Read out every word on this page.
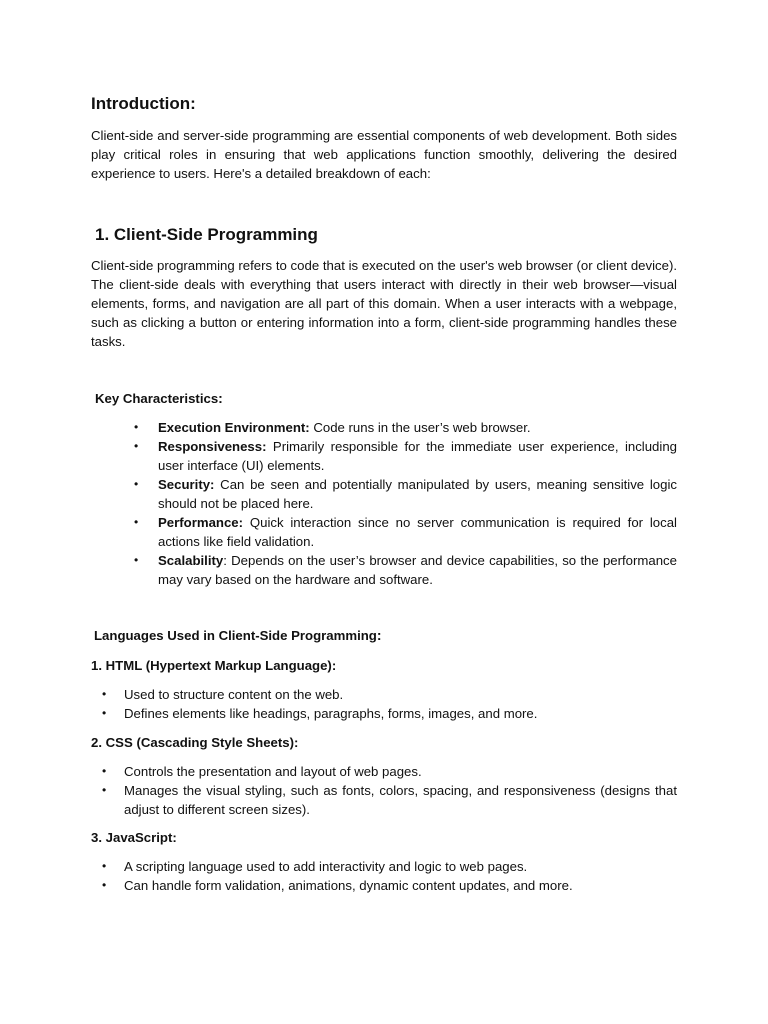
Introduction:

Client-side and server-side programming are essential components of web development. Both sides play critical roles in ensuring that web applications function smoothly, delivering the desired experience to users. Here's a detailed breakdown of each:

1. Client-Side Programming

Client-side programming refers to code that is executed on the user's web browser (or client device). The client-side deals with everything that users interact with directly in their web browser—visual elements, forms, and navigation are all part of this domain. When a user interacts with a webpage, such as clicking a button or entering information into a form, client-side programming handles these tasks.

Key Characteristics:
• Execution Environment: Code runs in the user’s web browser.
• Responsiveness: Primarily responsible for the immediate user experience, including user interface (UI) elements.
• Security: Can be seen and potentially manipulated by users, meaning sensitive logic should not be placed here.
• Performance: Quick interaction since no server communication is required for local actions like field validation.
• Scalability: Depends on the user’s browser and device capabilities, so the performance may vary based on the hardware and software.
Languages Used in Client-Side Programming:
1. HTML (Hypertext Markup Language):
• Used to structure content on the web.
• Defines elements like headings, paragraphs, forms, images, and more.
2. CSS (Cascading Style Sheets):
• Controls the presentation and layout of web pages.
• Manages the visual styling, such as fonts, colors, spacing, and responsiveness (designs that adjust to different screen sizes).
3. JavaScript:
• A scripting language used to add interactivity and logic to web pages.
• Can handle form validation, animations, dynamic content updates, and more.
